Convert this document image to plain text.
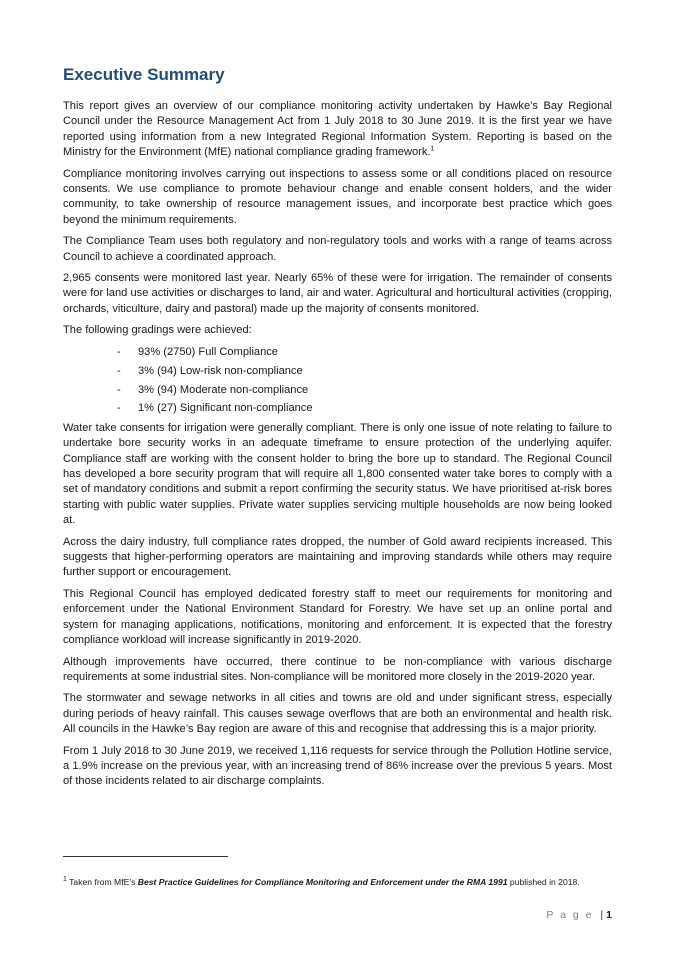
Executive Summary

This report gives an overview of our compliance monitoring activity undertaken by Hawke’s Bay Regional Council under the Resource Management Act from 1 July 2018 to 30 June 2019. It is the first year we have reported using information from a new Integrated Regional Information System. Reporting is based on the Ministry for the Environment (MfE) national compliance grading framework.$^1$

Compliance monitoring involves carrying out inspections to assess some or all conditions placed on resource consents. We use compliance to promote behaviour change and enable consent holders, and the wider community, to take ownership of resource management issues, and incorporate best practice which goes beyond the minimum requirements.

The Compliance Team uses both regulatory and non-regulatory tools and works with a range of teams across Council to achieve a coordinated approach.

2,965 consents were monitored last year. Nearly 65% of these were for irrigation. The remainder of consents were for land use activities or discharges to land, air and water. Agricultural and horticultural activities (cropping, orchards, viticulture, dairy and pastoral) made up the majority of consents monitored.

The following gradings were achieved:

- 93% (2750) Full Compliance
- 3% (94) Low-risk non-compliance
- 3% (94) Moderate non-compliance
- 1% (27) Significant non-compliance

Water take consents for irrigation were generally compliant. There is only one issue of note relating to failure to undertake bore security works in an adequate timeframe to ensure protection of the underlying aquifer. Compliance staff are working with the consent holder to bring the bore up to standard. The Regional Council has developed a bore security program that will require all 1,800 consented water take bores to comply with a set of mandatory conditions and submit a report confirming the security status. We have prioritised at-risk bores starting with public water supplies. Private water supplies servicing multiple households are now being looked at.

Across the dairy industry, full compliance rates dropped, the number of Gold award recipients increased. This suggests that higher-performing operators are maintaining and improving standards while others may require further support or encouragement.

This Regional Council has employed dedicated forestry staff to meet our requirements for monitoring and enforcement under the National Environment Standard for Forestry. We have set up an online portal and system for managing applications, notifications, monitoring and enforcement. It is expected that the forestry compliance workload will increase significantly in 2019-2020.

Although improvements have occurred, there continue to be non-compliance with various discharge requirements at some industrial sites. Non-compliance will be monitored more closely in the 2019-2020 year.

The stormwater and sewage networks in all cities and towns are old and under significant stress, especially during periods of heavy rainfall. This causes sewage overflows that are both an environmental and health risk. All councils in the Hawke’s Bay region are aware of this and recognise that addressing this is a major priority.

From 1 July 2018 to 30 June 2019, we received 1,116 requests for service through the Pollution Hotline service, a 1.9% increase on the previous year, with an increasing trend of 86% increase over the previous 5 years. Most of those incidents related to air discharge complaints.

$^1$ Taken from MfE’s Best Practice Guidelines for Compliance Monitoring and Enforcement under the RMA 1991 published in 2018.
P a g e | 1
